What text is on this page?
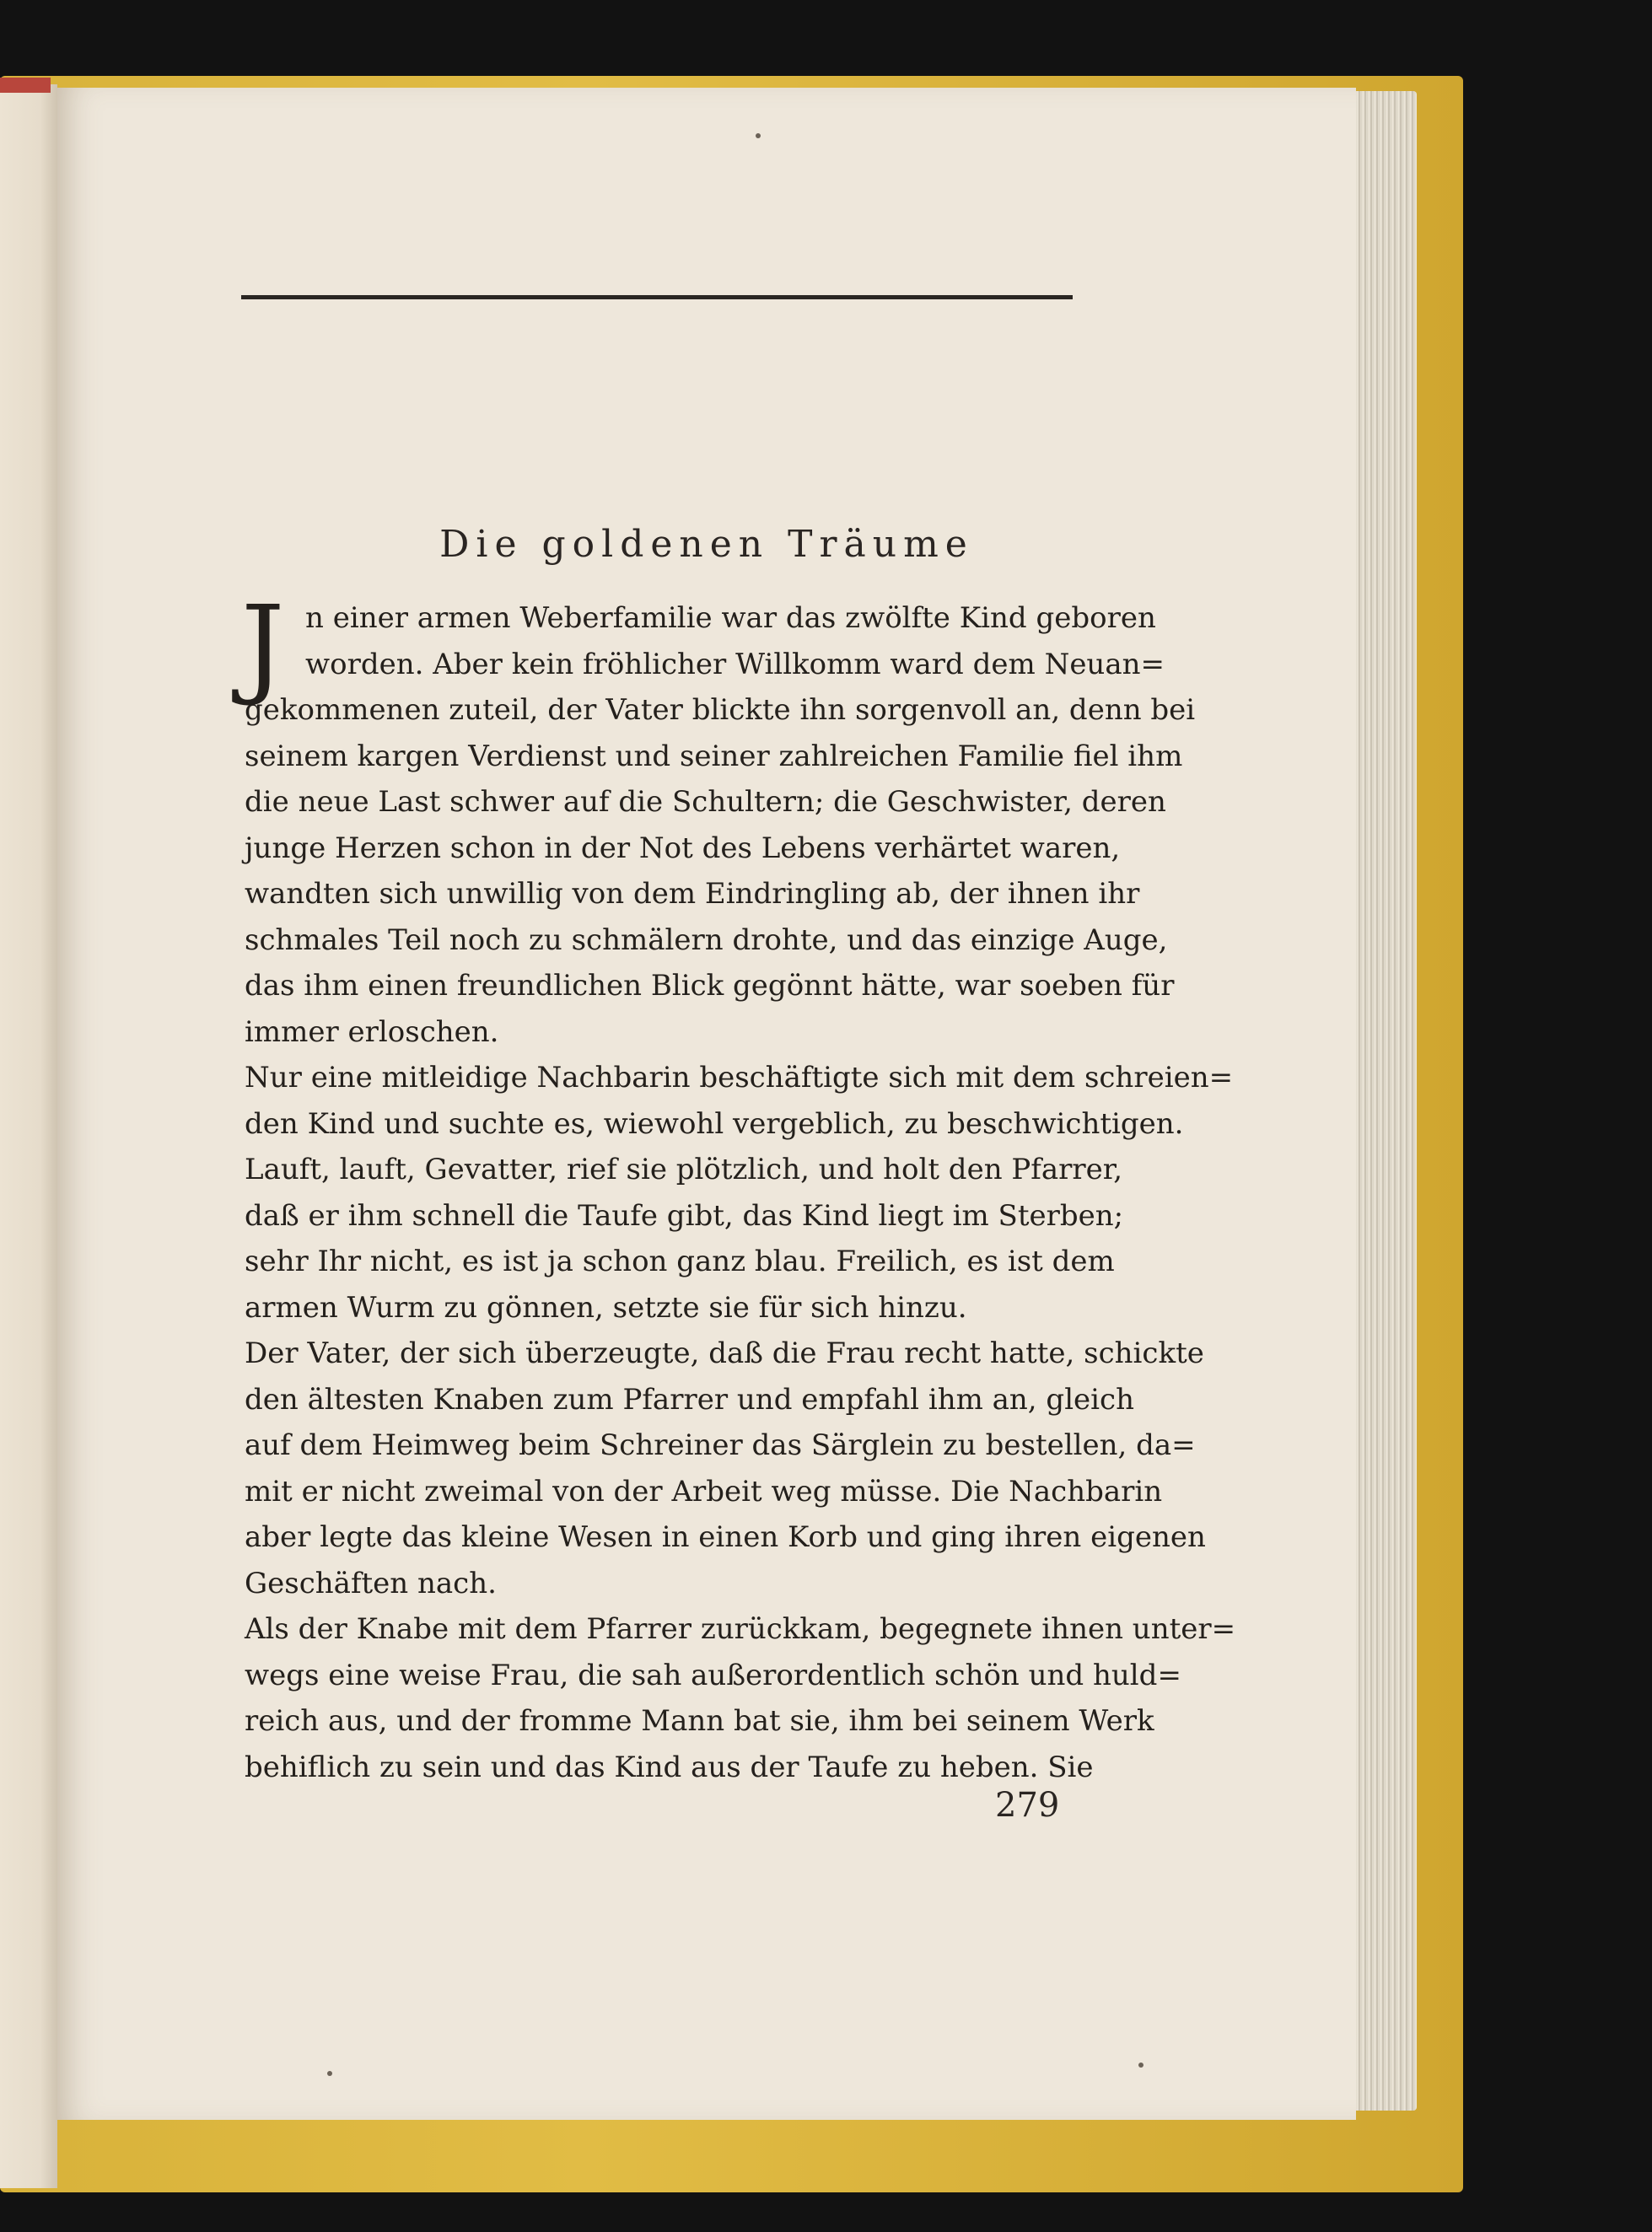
Die goldenen Träume
J n einer armen Weberfamilie war das zwölfte Kind geboren
worden. Aber kein fröhlicher Willkomm ward dem Neuan=
gekommenen zuteil, der Vater blickte ihn sorgenvoll an, denn bei
seinem kargen Verdienst und seiner zahlreichen Familie fiel ihm
die neue Last schwer auf die Schultern; die Geschwister, deren
junge Herzen schon in der Not des Lebens verhärtet waren,
wandten sich unwillig von dem Eindringling ab, der ihnen ihr
schmales Teil noch zu schmälern drohte, und das einzige Auge,
das ihm einen freundlichen Blick gegönnt hätte, war soeben für
immer erloschen.
Nur eine mitleidige Nachbarin beschäftigte sich mit dem schreien=
den Kind und suchte es, wiewohl vergeblich, zu beschwichtigen.
Lauft, lauft, Gevatter, rief sie plötzlich, und holt den Pfarrer,
daß er ihm schnell die Taufe gibt, das Kind liegt im Sterben;
sehr Ihr nicht, es ist ja schon ganz blau. Freilich, es ist dem
armen Wurm zu gönnen, setzte sie für sich hinzu.
Der Vater, der sich überzeugte, daß die Frau recht hatte, schickte
den ältesten Knaben zum Pfarrer und empfahl ihm an, gleich
auf dem Heimweg beim Schreiner das Särglein zu bestellen, da=
mit er nicht zweimal von der Arbeit weg müsse. Die Nachbarin
aber legte das kleine Wesen in einen Korb und ging ihren eigenen
Geschäften nach.
Als der Knabe mit dem Pfarrer zurückkam, begegnete ihnen unter=
wegs eine weise Frau, die sah außerordentlich schön und huld=
reich aus, und der fromme Mann bat sie, ihm bei seinem Werk
behiflich zu sein und das Kind aus der Taufe zu heben. Sie
279
